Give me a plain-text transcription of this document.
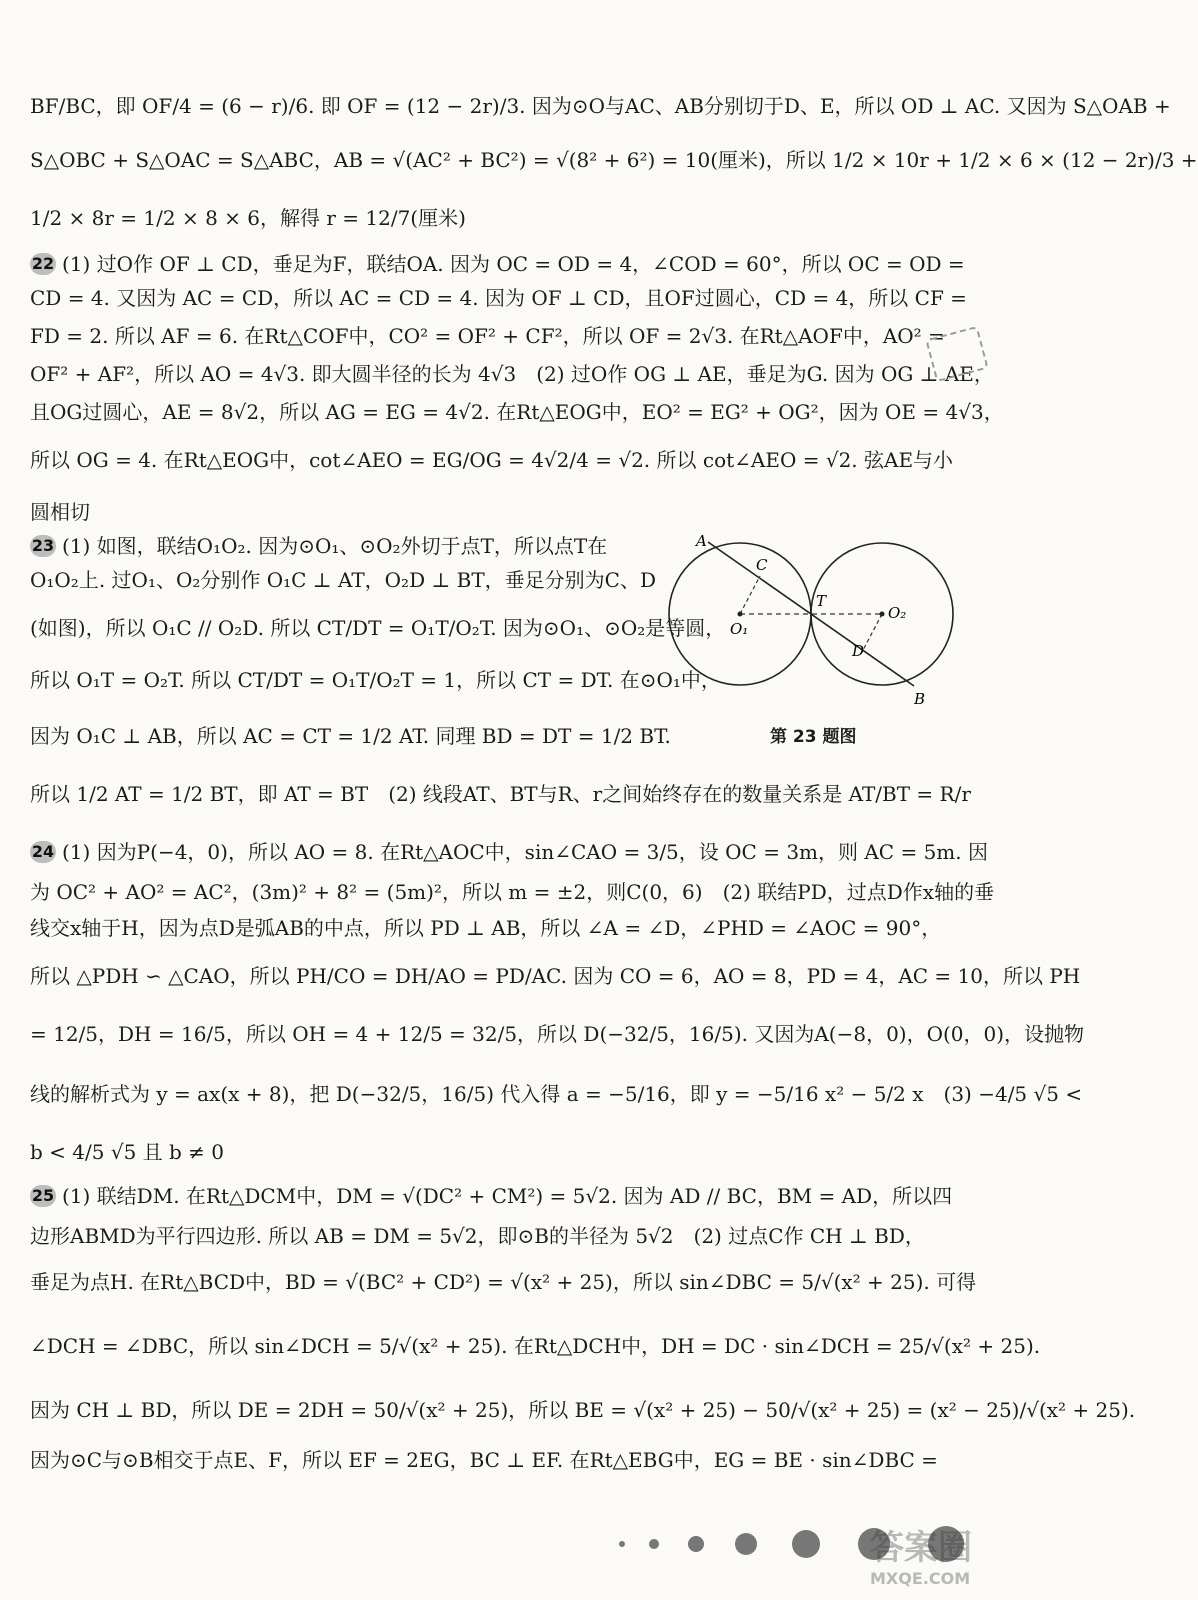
BF/BC，即 OF/4 = (6 − r)/6. 即 OF = (12 − 2r)/3. 因为⊙O与AC、AB分别切于D、E，所以 OD ⊥ AC. 又因为 S△OAB +
S△OBC + S△OAC = S△ABC，AB = √(AC² + BC²) = √(8² + 6²) = 10(厘米)，所以 1/2 × 10r + 1/2 × 6 × (12 − 2r)/3 +
1/2 × 8r = 1/2 × 8 × 6，解得 r = 12/7(厘米)
22 (1) 过O作 OF ⊥ CD，垂足为F，联结OA. 因为 OC = OD = 4，∠COD = 60°，所以 OC = OD =
CD = 4. 又因为 AC = CD，所以 AC = CD = 4. 因为 OF ⊥ CD，且OF过圆心，CD = 4，所以 CF =
FD = 2. 所以 AF = 6. 在Rt△COF中，CO² = OF² + CF²，所以 OF = 2√3. 在Rt△AOF中，AO² =
OF² + AF²，所以 AO = 4√3. 即大圆半径的长为 4√3　(2) 过O作 OG ⊥ AE，垂足为G. 因为 OG ⊥ AE，
且OG过圆心，AE = 8√2，所以 AG = EG = 4√2. 在Rt△EOG中，EO² = EG² + OG²，因为 OE = 4√3，
所以 OG = 4. 在Rt△EOG中，cot∠AEO = EG/OG = 4√2/4 = √2. 所以 cot∠AEO = √2. 弦AE与小
圆相切
23 (1) 如图，联结O₁O₂. 因为⊙O₁、⊙O₂外切于点T，所以点T在
O₁O₂上. 过O₁、O₂分别作 O₁C ⊥ AT，O₂D ⊥ BT，垂足分别为C、D
(如图)，所以 O₁C // O₂D. 所以 CT/DT = O₁T/O₂T. 因为⊙O₁、⊙O₂是等圆，
所以 O₁T = O₂T. 所以 CT/DT = O₁T/O₂T = 1，所以 CT = DT. 在⊙O₁中，
因为 O₁C ⊥ AB，所以 AC = CT = 1/2 AT. 同理 BD = DT = 1/2 BT.
所以 1/2 AT = 1/2 BT，即 AT = BT　(2) 线段AT、BT与R、r之间始终存在的数量关系是 AT/BT = R/r
A
C
T
O₁
O₂
D
B
第 23 题图
24 (1) 因为P(−4，0)，所以 AO = 8. 在Rt△AOC中，sin∠CAO = 3/5，设 OC = 3m，则 AC = 5m. 因
为 OC² + AO² = AC²，(3m)² + 8² = (5m)²，所以 m = ±2，则C(0，6)　(2) 联结PD，过点D作x轴的垂
线交x轴于H，因为点D是弧AB的中点，所以 PD ⊥ AB，所以 ∠A = ∠D，∠PHD = ∠AOC = 90°，
所以 △PDH ∽ △CAO，所以 PH/CO = DH/AO = PD/AC. 因为 CO = 6，AO = 8，PD = 4，AC = 10，所以 PH
= 12/5，DH = 16/5，所以 OH = 4 + 12/5 = 32/5，所以 D(−32/5，16/5). 又因为A(−8，0)，O(0，0)，设抛物
线的解析式为 y = ax(x + 8)，把 D(−32/5，16/5) 代入得 a = −5/16，即 y = −5/16 x² − 5/2 x　(3) −4/5 √5 <
b < 4/5 √5 且 b ≠ 0
25 (1) 联结DM. 在Rt△DCM中，DM = √(DC² + CM²) = 5√2. 因为 AD // BC，BM = AD，所以四
边形ABMD为平行四边形. 所以 AB = DM = 5√2，即⊙B的半径为 5√2　(2) 过点C作 CH ⊥ BD，
垂足为点H. 在Rt△BCD中，BD = √(BC² + CD²) = √(x² + 25)，所以 sin∠DBC = 5/√(x² + 25). 可得
∠DCH = ∠DBC，所以 sin∠DCH = 5/√(x² + 25). 在Rt△DCH中，DH = DC · sin∠DCH = 25/√(x² + 25).
因为 CH ⊥ BD，所以 DE = 2DH = 50/√(x² + 25)，所以 BE = √(x² + 25) − 50/√(x² + 25) = (x² − 25)/√(x² + 25).
因为⊙C与⊙B相交于点E、F，所以 EF = 2EG，BC ⊥ EF. 在Rt△EBG中，EG = BE · sin∠DBC =
答案圈
MXQE.COM
